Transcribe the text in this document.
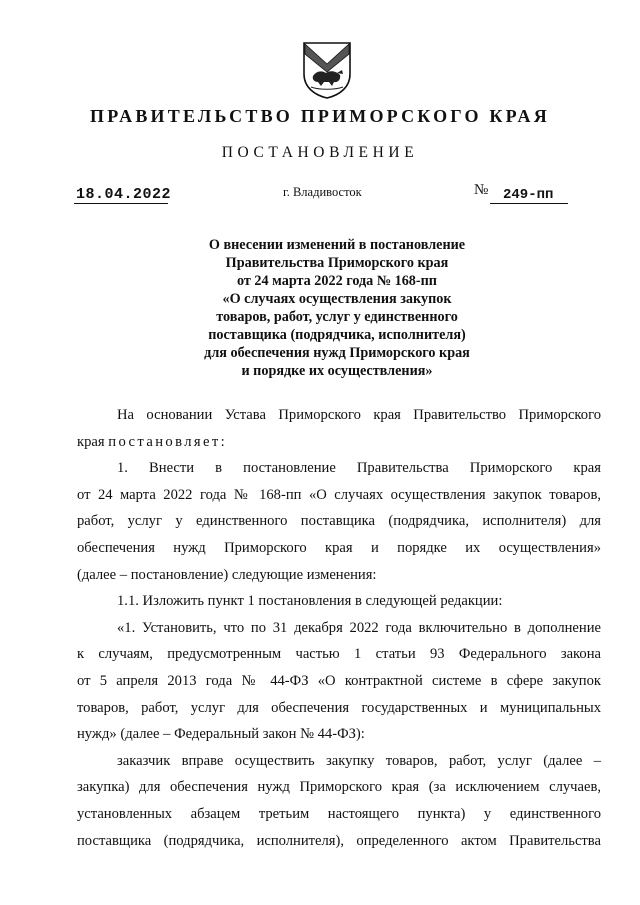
ПРАВИТЕЛЬСТВО ПРИМОРСКОГО КРАЯ
ПОСТАНОВЛЕНИЕ
18.04.2022	г. Владивосток	№ 249-пп
О внесении изменений в постановление
Правительства Приморского края
от 24 марта 2022 года № 168-пп
«О случаях осуществления закупок
товаров, работ, услуг у единственного
поставщика (подрядчика, исполнителя)
для обеспечения нужд Приморского края
и порядке их осуществления»
На основании Устава Приморского края Правительство Приморского
края постановляет:
1. Внести в постановление Правительства Приморского края
от 24 марта 2022 года № 168-пп «О случаях осуществления закупок товаров,
работ, услуг у единственного поставщика (подрядчика, исполнителя) для
обеспечения нужд Приморского края и порядке их осуществления»
(далее – постановление) следующие изменения:
1.1. Изложить пункт 1 постановления в следующей редакции:
«1. Установить, что по 31 декабря 2022 года включительно в дополнение
к случаям, предусмотренным частью 1 статьи 93 Федерального закона
от 5 апреля 2013 года № 44-ФЗ «О контрактной системе в сфере закупок
товаров, работ, услуг для обеспечения государственных и муниципальных
нужд» (далее – Федеральный закон № 44-ФЗ):
заказчик вправе осуществить закупку товаров, работ, услуг (далее –
закупка) для обеспечения нужд Приморского края (за исключением случаев,
установленных абзацем третьим настоящего пункта) у единственного
поставщика (подрядчика, исполнителя), определенного актом Правительства
